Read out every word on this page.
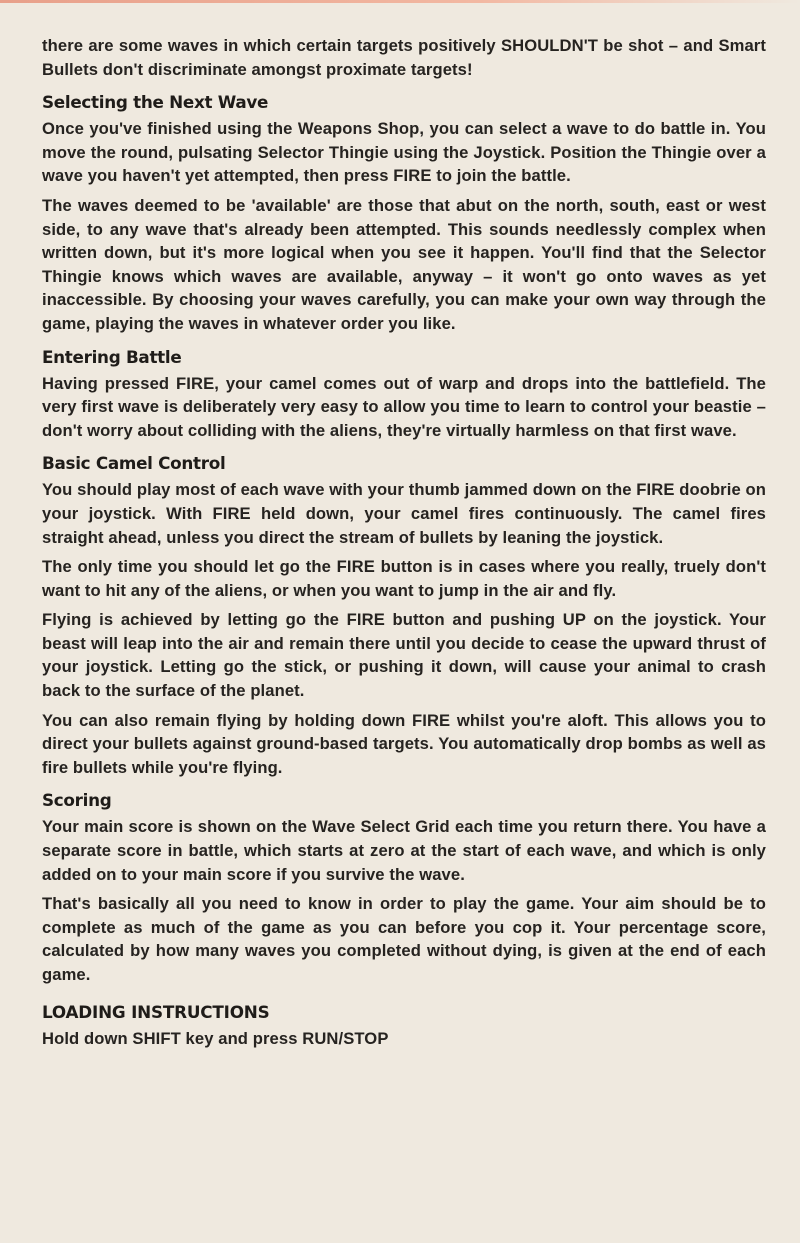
there are some waves in which certain targets positively SHOULDN'T be shot – and Smart Bullets don't discriminate amongst proximate targets!

Selecting the Next Wave

Once you've finished using the Weapons Shop, you can select a wave to do battle in. You move the round, pulsating Selector Thingie using the Joystick. Position the Thingie over a wave you haven't yet attempted, then press FIRE to join the battle.

The waves deemed to be 'available' are those that abut on the north, south, east or west side, to any wave that's already been attempted. This sounds needlessly complex when written down, but it's more logical when you see it happen. You'll find that the Selector Thingie knows which waves are available, anyway – it won't go onto waves as yet inaccessible. By choosing your waves carefully, you can make your own way through the game, playing the waves in whatever order you like.

Entering Battle

Having pressed FIRE, your camel comes out of warp and drops into the battlefield. The very first wave is deliberately very easy to allow you time to learn to control your beastie – don't worry about colliding with the aliens, they're virtually harmless on that first wave.

Basic Camel Control

You should play most of each wave with your thumb jammed down on the FIRE doobrie on your joystick. With FIRE held down, your camel fires continuously. The camel fires straight ahead, unless you direct the stream of bullets by leaning the joystick.

The only time you should let go the FIRE button is in cases where you really, truely don't want to hit any of the aliens, or when you want to jump in the air and fly.

Flying is achieved by letting go the FIRE button and pushing UP on the joystick. Your beast will leap into the air and remain there until you decide to cease the upward thrust of your joystick. Letting go the stick, or pushing it down, will cause your animal to crash back to the surface of the planet.

You can also remain flying by holding down FIRE whilst you're aloft. This allows you to direct your bullets against ground-based targets. You automatically drop bombs as well as fire bullets while you're flying.

Scoring

Your main score is shown on the Wave Select Grid each time you return there. You have a separate score in battle, which starts at zero at the start of each wave, and which is only added on to your main score if you survive the wave.

That's basically all you need to know in order to play the game. Your aim should be to complete as much of the game as you can before you cop it. Your percentage score, calculated by how many waves you completed without dying, is given at the end of each game.

LOADING INSTRUCTIONS

Hold down SHIFT key and press RUN/STOP
